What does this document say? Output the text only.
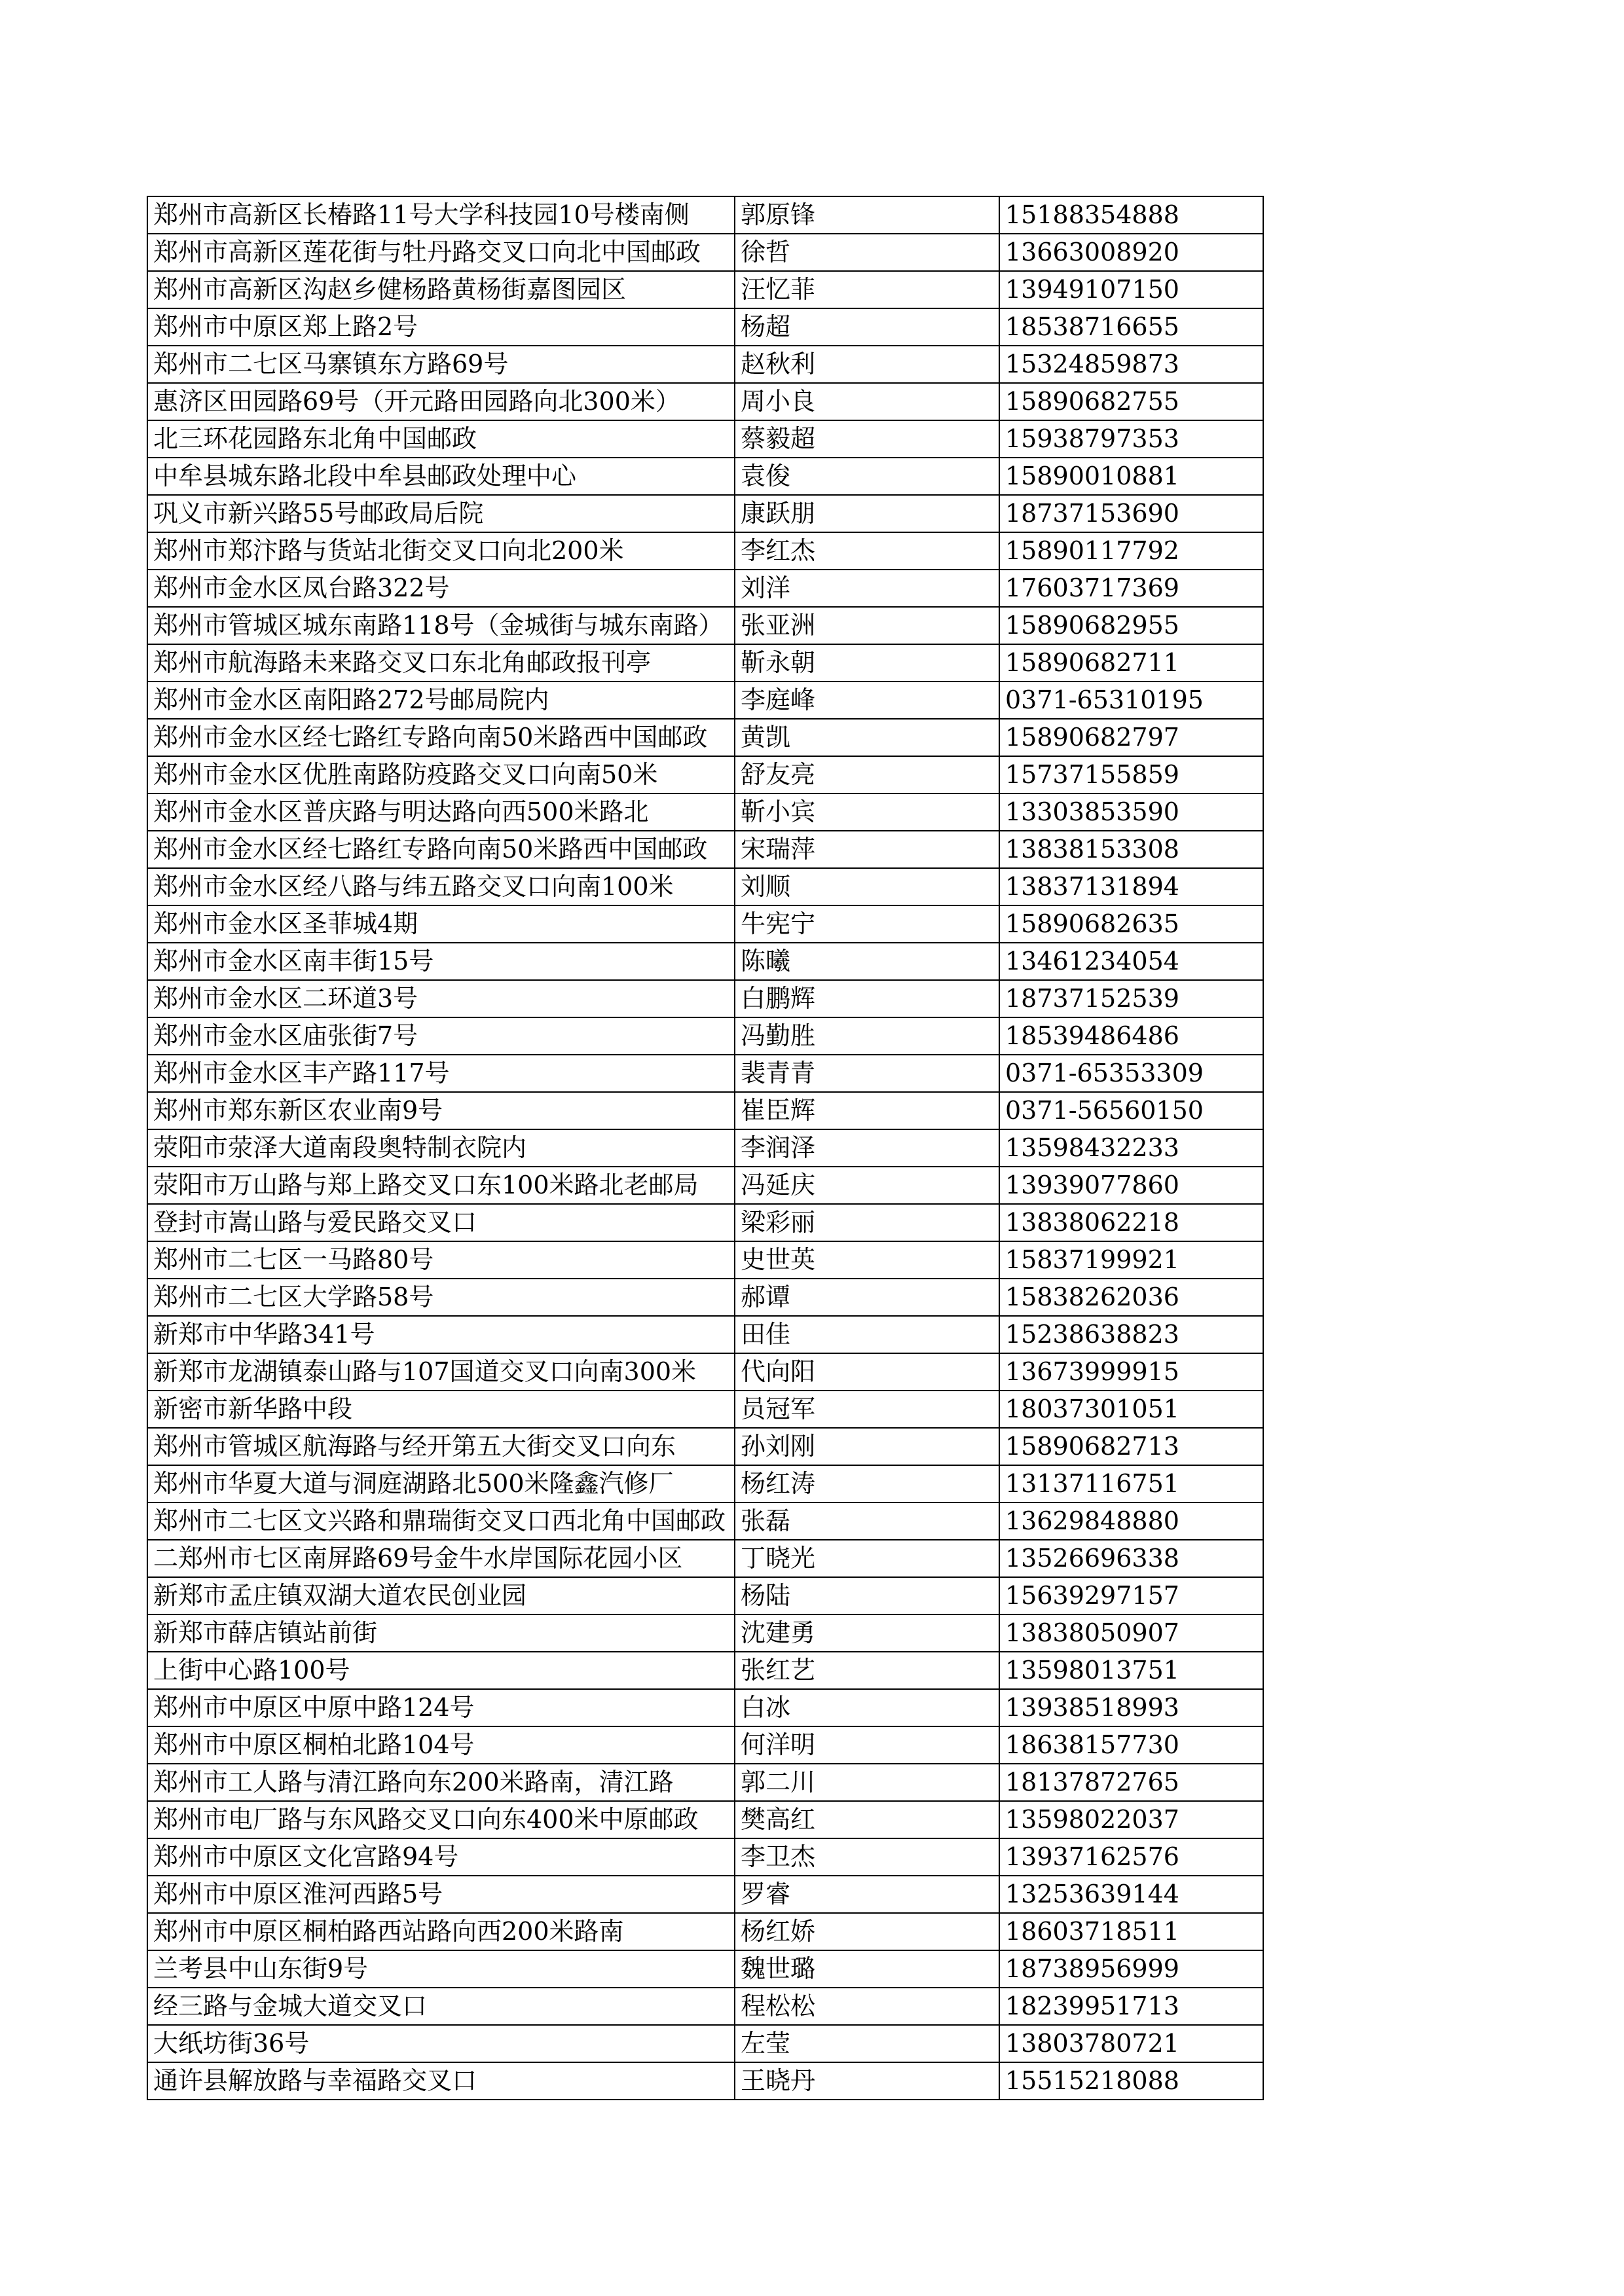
郑州市高新区长椿路11号大学科技园10号楼南侧	郭原锋	15188354888
郑州市高新区莲花街与牡丹路交叉口向北中国邮政	徐哲	13663008920
郑州市高新区沟赵乡健杨路黄杨街嘉图园区	汪忆菲	13949107150
郑州市中原区郑上路2号	杨超	18538716655
郑州市二七区马寨镇东方路69号	赵秋利	15324859873
惠济区田园路69号（开元路田园路向北300米）	周小良	15890682755
北三环花园路东北角中国邮政	蔡毅超	15938797353
中牟县城东路北段中牟县邮政处理中心	袁俊	15890010881
巩义市新兴路55号邮政局后院	康跃朋	18737153690
郑州市郑汴路与货站北街交叉口向北200米	李红杰	15890117792
郑州市金水区凤台路322号	刘洋	17603717369
郑州市管城区城东南路118号（金城街与城东南路）	张亚洲	15890682955
郑州市航海路未来路交叉口东北角邮政报刊亭	靳永朝	15890682711
郑州市金水区南阳路272号邮局院内	李庭峰	0371-65310195
郑州市金水区经七路红专路向南50米路西中国邮政	黄凯	15890682797
郑州市金水区优胜南路防疫路交叉口向南50米	舒友亮	15737155859
郑州市金水区普庆路与明达路向西500米路北	靳小宾	13303853590
郑州市金水区经七路红专路向南50米路西中国邮政	宋瑞萍	13838153308
郑州市金水区经八路与纬五路交叉口向南100米	刘顺	13837131894
郑州市金水区圣菲城4期	牛宪宁	15890682635
郑州市金水区南丰街15号	陈曦	13461234054
郑州市金水区二环道3号	白鹏辉	18737152539
郑州市金水区庙张街7号	冯勤胜	18539486486
郑州市金水区丰产路117号	裴青青	0371-65353309
郑州市郑东新区农业南9号	崔臣辉	0371-56560150
荥阳市荥泽大道南段奥特制衣院内	李润泽	13598432233
荥阳市万山路与郑上路交叉口东100米路北老邮局	冯延庆	13939077860
登封市嵩山路与爱民路交叉口	梁彩丽	13838062218
郑州市二七区一马路80号	史世英	15837199921
郑州市二七区大学路58号	郝谭	15838262036
新郑市中华路341号	田佳	15238638823
新郑市龙湖镇泰山路与107国道交叉口向南300米	代向阳	13673999915
新密市新华路中段	员冠军	18037301051
郑州市管城区航海路与经开第五大街交叉口向东	孙刘刚	15890682713
郑州市华夏大道与洞庭湖路北500米隆鑫汽修厂	杨红涛	13137116751
郑州市二七区文兴路和鼎瑞街交叉口西北角中国邮政	张磊	13629848880
二郑州市七区南屏路69号金牛水岸国际花园小区	丁晓光	13526696338
新郑市孟庄镇双湖大道农民创业园	杨陆	15639297157
新郑市薛店镇站前街	沈建勇	13838050907
上街中心路100号	张红艺	13598013751
郑州市中原区中原中路124号	白冰	13938518993
郑州市中原区桐柏北路104号	何洋明	18638157730
郑州市工人路与清江路向东200米路南，清江路	郭二川	18137872765
郑州市电厂路与东风路交叉口向东400米中原邮政	樊高红	13598022037
郑州市中原区文化宫路94号	李卫杰	13937162576
郑州市中原区淮河西路5号	罗睿	13253639144
郑州市中原区桐柏路西站路向西200米路南	杨红娇	18603718511
兰考县中山东街9号	魏世璐	18738956999
经三路与金城大道交叉口	程松松	18239951713
大纸坊街36号	左莹	13803780721
通许县解放路与幸福路交叉口	王晓丹	15515218088
